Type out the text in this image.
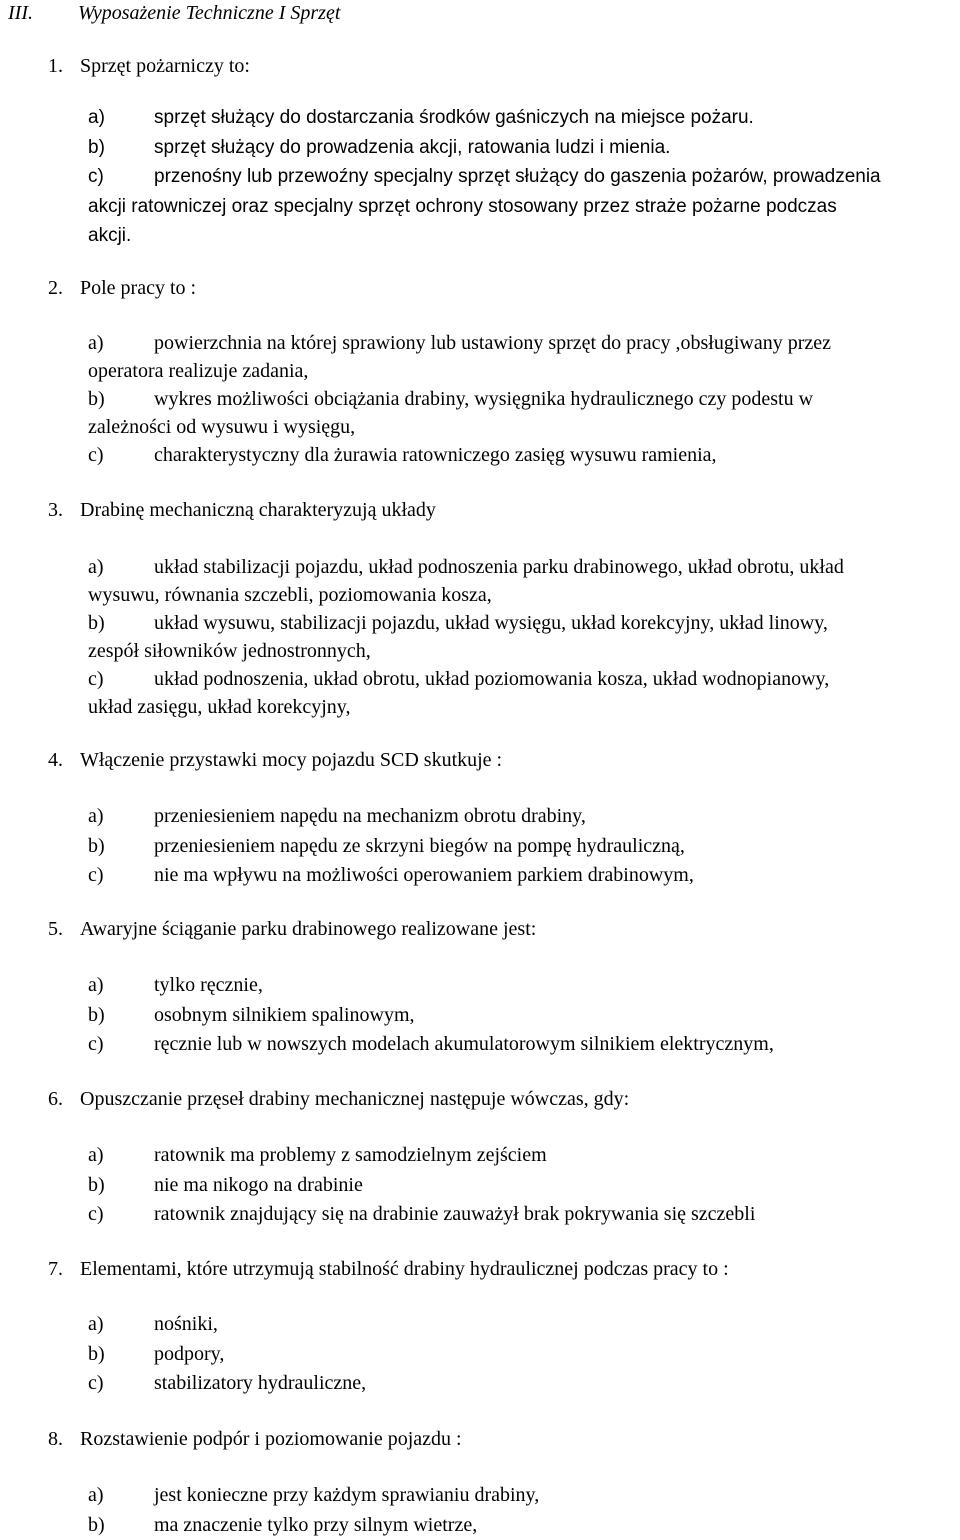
III. Wyposażenie Techniczne I Sprzęt
1. Sprzęt pożarniczy to:
a)	sprzęt służący do dostarczania środków gaśniczych na miejsce pożaru.
b)	sprzęt służący do prowadzenia akcji, ratowania ludzi i mienia.
c)	przenośny lub przewoźny specjalny sprzęt służący do gaszenia pożarów, prowadzenia
akcji ratowniczej oraz specjalny sprzęt ochrony stosowany przez straże pożarne podczas
akcji.
2. Pole pracy to :
a)	powierzchnia na której sprawiony lub ustawiony sprzęt do pracy ,obsługiwany przez
operatora realizuje zadania,
b) wykres możliwości obciążania drabiny, wysięgnika hydraulicznego czy podestu w
zależności od wysuwu i wysięgu,
c)	charakterystyczny dla żurawia ratowniczego zasięg wysuwu ramienia,
3. Drabinę mechaniczną charakteryzują układy
a)	układ stabilizacji pojazdu, układ podnoszenia parku drabinowego, układ obrotu, układ
wysuwu, równania szczebli, poziomowania kosza,
b) układ wysuwu, stabilizacji pojazdu, układ wysięgu, układ korekcyjny, układ linowy,
zespół siłowników jednostronnych,
c)	układ podnoszenia, układ obrotu, układ poziomowania kosza, układ wodnopianowy,
układ zasięgu, układ korekcyjny,
4. Włączenie przystawki mocy pojazdu SCD skutkuje :
a)	przeniesieniem napędu na mechanizm obrotu drabiny,
b) przeniesieniem napędu ze skrzyni biegów na pompę hydrauliczną,
c)	nie ma wpływu na możliwości operowaniem parkiem drabinowym,
5. Awaryjne ściąganie parku drabinowego realizowane jest:
a)	tylko ręcznie,
b) osobnym silnikiem spalinowym,
c)	ręcznie lub w nowszych modelach akumulatorowym silnikiem elektrycznym,
6. Opuszczanie przęseł drabiny mechanicznej następuje wówczas, gdy:
a)	ratownik ma problemy z samodzielnym zejściem
b) nie ma nikogo na drabinie
c)	ratownik znajdujący się na drabinie zauważył brak pokrywania się szczebli
7. Elementami, które utrzymują stabilność drabiny hydraulicznej podczas pracy to :
a)	nośniki,
b) podpory,
c)	stabilizatory hydrauliczne,
8. Rozstawienie podpór i poziomowanie pojazdu :
a)	jest konieczne przy każdym sprawianiu drabiny,
b) ma znaczenie tylko przy silnym wietrze,
